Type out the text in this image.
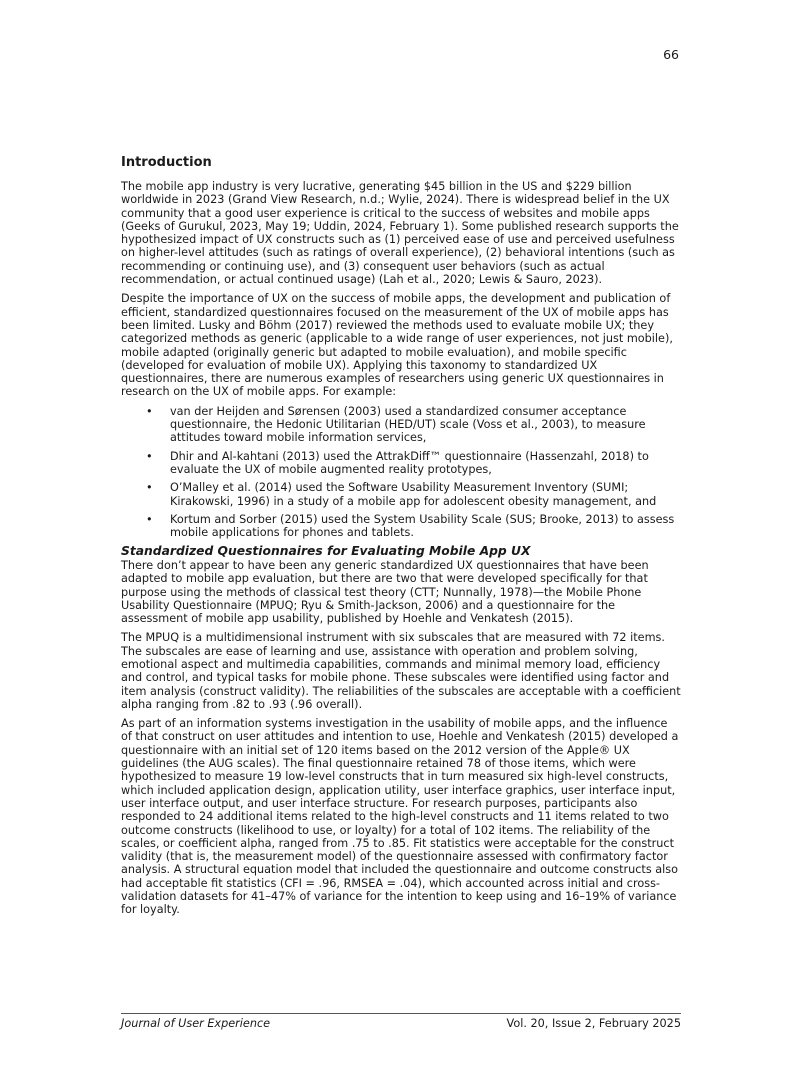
66
Introduction

The mobile app industry is very lucrative, generating $45 billion in the US and $229 billion worldwide in 2023 (Grand View Research, n.d.; Wylie, 2024). There is widespread belief in the UX community that a good user experience is critical to the success of websites and mobile apps (Geeks of Gurukul, 2023, May 19; Uddin, 2024, February 1). Some published research supports the hypothesized impact of UX constructs such as (1) perceived ease of use and perceived usefulness on higher-level attitudes (such as ratings of overall experience), (2) behavioral intentions (such as recommending or continuing use), and (3) consequent user behaviors (such as actual recommendation, or actual continued usage) (Lah et al., 2020; Lewis & Sauro, 2023).

Despite the importance of UX on the success of mobile apps, the development and publication of efficient, standardized questionnaires focused on the measurement of the UX of mobile apps has been limited. Lusky and Böhm (2017) reviewed the methods used to evaluate mobile UX; they categorized methods as generic (applicable to a wide range of user experiences, not just mobile), mobile adapted (originally generic but adapted to mobile evaluation), and mobile specific (developed for evaluation of mobile UX). Applying this taxonomy to standardized UX questionnaires, there are numerous examples of researchers using generic UX questionnaires in research on the UX of mobile apps. For example:

• van der Heijden and Sørensen (2003) used a standardized consumer acceptance questionnaire, the Hedonic Utilitarian (HED/UT) scale (Voss et al., 2003), to measure attitudes toward mobile information services,
• Dhir and Al-kahtani (2013) used the AttrakDiff™ questionnaire (Hassenzahl, 2018) to evaluate the UX of mobile augmented reality prototypes,
• O’Malley et al. (2014) used the Software Usability Measurement Inventory (SUMI; Kirakowski, 1996) in a study of a mobile app for adolescent obesity management, and
• Kortum and Sorber (2015) used the System Usability Scale (SUS; Brooke, 2013) to assess mobile applications for phones and tablets.
Standardized Questionnaires for Evaluating Mobile App UX

There don’t appear to have been any generic standardized UX questionnaires that have been adapted to mobile app evaluation, but there are two that were developed specifically for that purpose using the methods of classical test theory (CTT; Nunnally, 1978)—the Mobile Phone Usability Questionnaire (MPUQ; Ryu & Smith-Jackson, 2006) and a questionnaire for the assessment of mobile app usability, published by Hoehle and Venkatesh (2015).

The MPUQ is a multidimensional instrument with six subscales that are measured with 72 items. The subscales are ease of learning and use, assistance with operation and problem solving, emotional aspect and multimedia capabilities, commands and minimal memory load, efficiency and control, and typical tasks for mobile phone. These subscales were identified using factor and item analysis (construct validity). The reliabilities of the subscales are acceptable with a coefficient alpha ranging from .82 to .93 (.96 overall).

As part of an information systems investigation in the usability of mobile apps, and the influence of that construct on user attitudes and intention to use, Hoehle and Venkatesh (2015) developed a questionnaire with an initial set of 120 items based on the 2012 version of the Apple® UX guidelines (the AUG scales). The final questionnaire retained 78 of those items, which were hypothesized to measure 19 low-level constructs that in turn measured six high-level constructs, which included application design, application utility, user interface graphics, user interface input, user interface output, and user interface structure. For research purposes, participants also responded to 24 additional items related to the high-level constructs and 11 items related to two outcome constructs (likelihood to use, or loyalty) for a total of 102 items. The reliability of the scales, or coefficient alpha, ranged from .75 to .85. Fit statistics were acceptable for the construct validity (that is, the measurement model) of the questionnaire assessed with confirmatory factor analysis. A structural equation model that included the questionnaire and outcome constructs also had acceptable fit statistics (CFI = .96, RMSEA = .04), which accounted across initial and cross-validation datasets for 41–47% of variance for the intention to keep using and 16–19% of variance for loyalty.

Journal of User Experience	Vol. 20, Issue 2, February 2025
